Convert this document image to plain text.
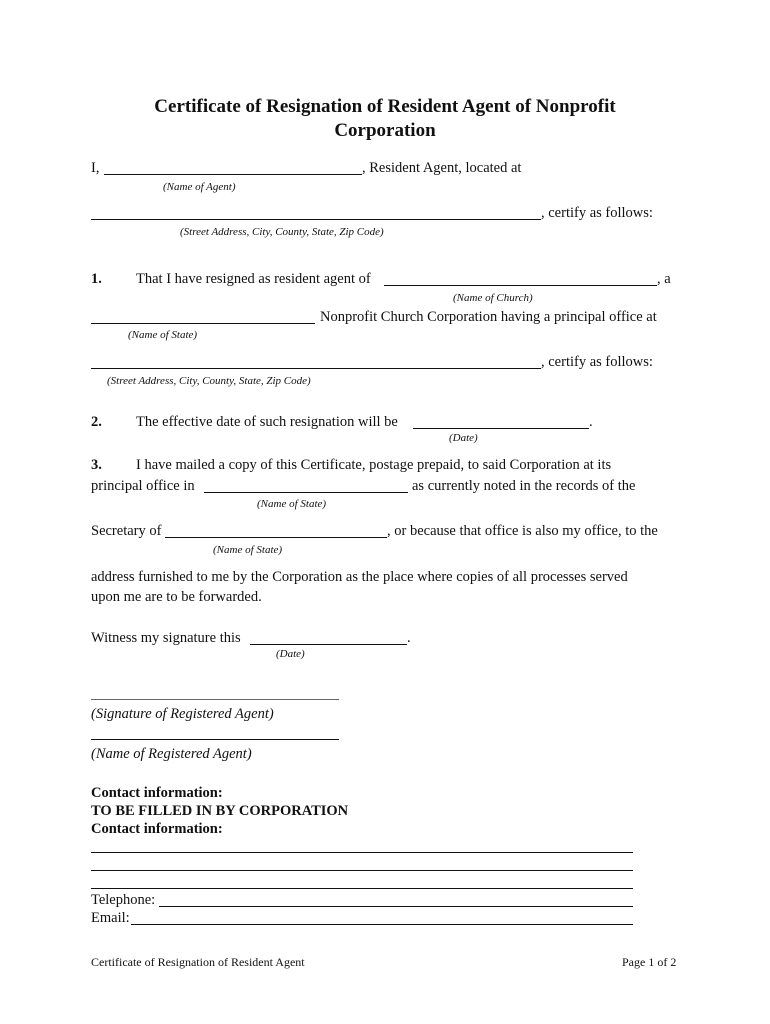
Certificate of Resignation of Resident Agent of Nonprofit
Corporation
I,	, Resident Agent, located at
(Name of Agent)
, certify as follows:
(Street Address, City, County, State, Zip Code)
1. That I have resigned as resident agent of	, a
(Name of Church)
Nonprofit Church Corporation having a principal office at
(Name of State)
, certify as follows:
(Street Address, City, County, State, Zip Code)
2. The effective date of such resignation will be	.
(Date)
3. I have mailed a copy of this Certificate, postage prepaid, to said Corporation at its
principal office in	as currently noted in the records of the
(Name of State)
Secretary of	, or because that office is also my office, to the
(Name of State)
address furnished to me by the Corporation as the place where copies of all processes served
upon me are to be forwarded.
Witness my signature this	.
(Date)
(Signature of Registered Agent)
(Name of Registered Agent)
Contact information:
TO BE FILLED IN BY CORPORATION
Contact information:
Telephone:
Email:
Certificate of Resignation of Resident Agent	Page 1 of 2
